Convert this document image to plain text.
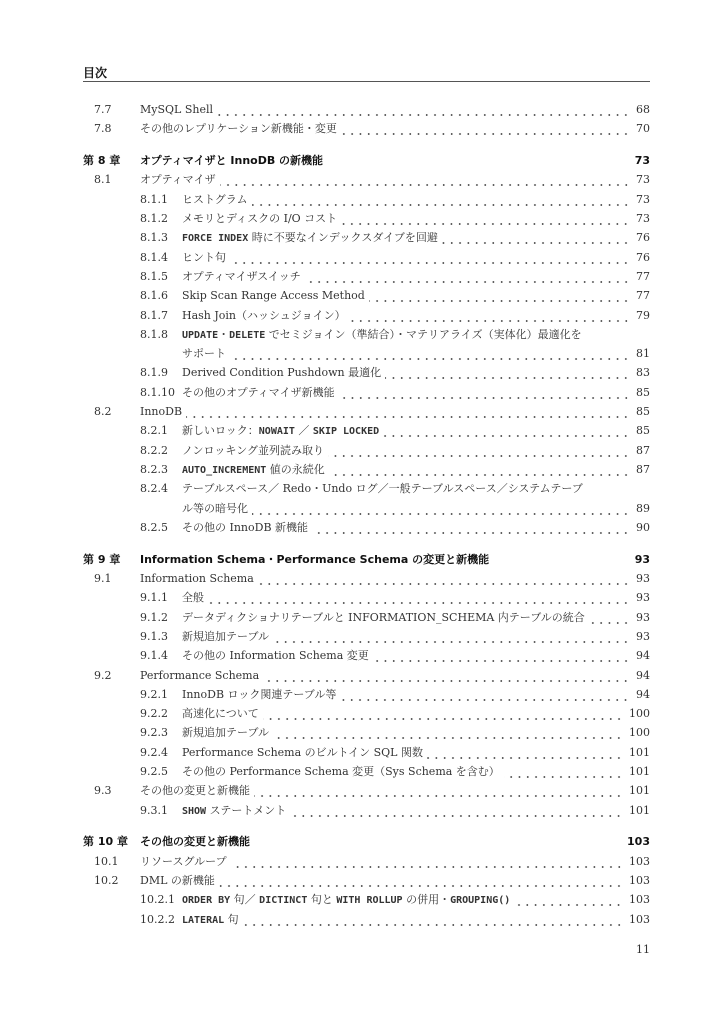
目次
7.7	MySQL Shell	68
7.8	その他のレプリケーション新機能・変更	70
第 8 章 オプティマイザと InnoDB の新機能	73
8.1	オプティマイザ	73
8.1.1 ヒストグラム	73
8.1.2 メモリとディスクの I/O コスト	73
8.1.3 FORCE INDEX 時に不要なインデックスダイブを回避	76
8.1.4 ヒント句	76
8.1.5 オプティマイザスイッチ	77
8.1.6 Skip Scan Range Access Method	77
8.1.7 Hash Join（ハッシュジョイン）	79
8.1.8 UPDATE・DELETE でセミジョイン（準結合）・マテリアライズ（実体化）最適化を
サポート	81
8.1.9 Derived Condition Pushdown 最適化	83
8.1.10 その他のオプティマイザ新機能	85
8.2	InnoDB	85
8.2.1 新しいロック：NOWAIT ／ SKIP LOCKED	85
8.2.2 ノンロッキング並列読み取り	87
8.2.3 AUTO_INCREMENT 値の永続化	87
8.2.4 テーブルスペース／ Redo・Undo ログ／一般テーブルスペース／システムテーブ
ル等の暗号化	89
8.2.5 その他の InnoDB 新機能	90
第 9 章 Information Schema・Performance Schema の変更と新機能	93
9.1	Information Schema	93
9.1.1 全般	93
9.1.2 データディクショナリテーブルと INFORMATION_SCHEMA 内テーブルの統合	93
9.1.3 新規追加テーブル	93
9.1.4 その他の Information Schema 変更	94
9.2	Performance Schema	94
9.2.1 InnoDB ロック関連テーブル等	94
9.2.2 高速化について	100
9.2.3 新規追加テーブル	100
9.2.4 Performance Schema のビルトイン SQL 関数	101
9.2.5 その他の Performance Schema 変更（Sys Schema を含む）	101
9.3	その他の変更と新機能	101
9.3.1 SHOW ステートメント	101
第 10 章 その他の変更と新機能	103
10.1 リソースグループ	103
10.2 DML の新機能	103
10.2.1 ORDER BY 句／ DICTINCT 句と WITH ROLLUP の併用・GROUPING()	103
10.2.2 LATERAL 句	103
11
